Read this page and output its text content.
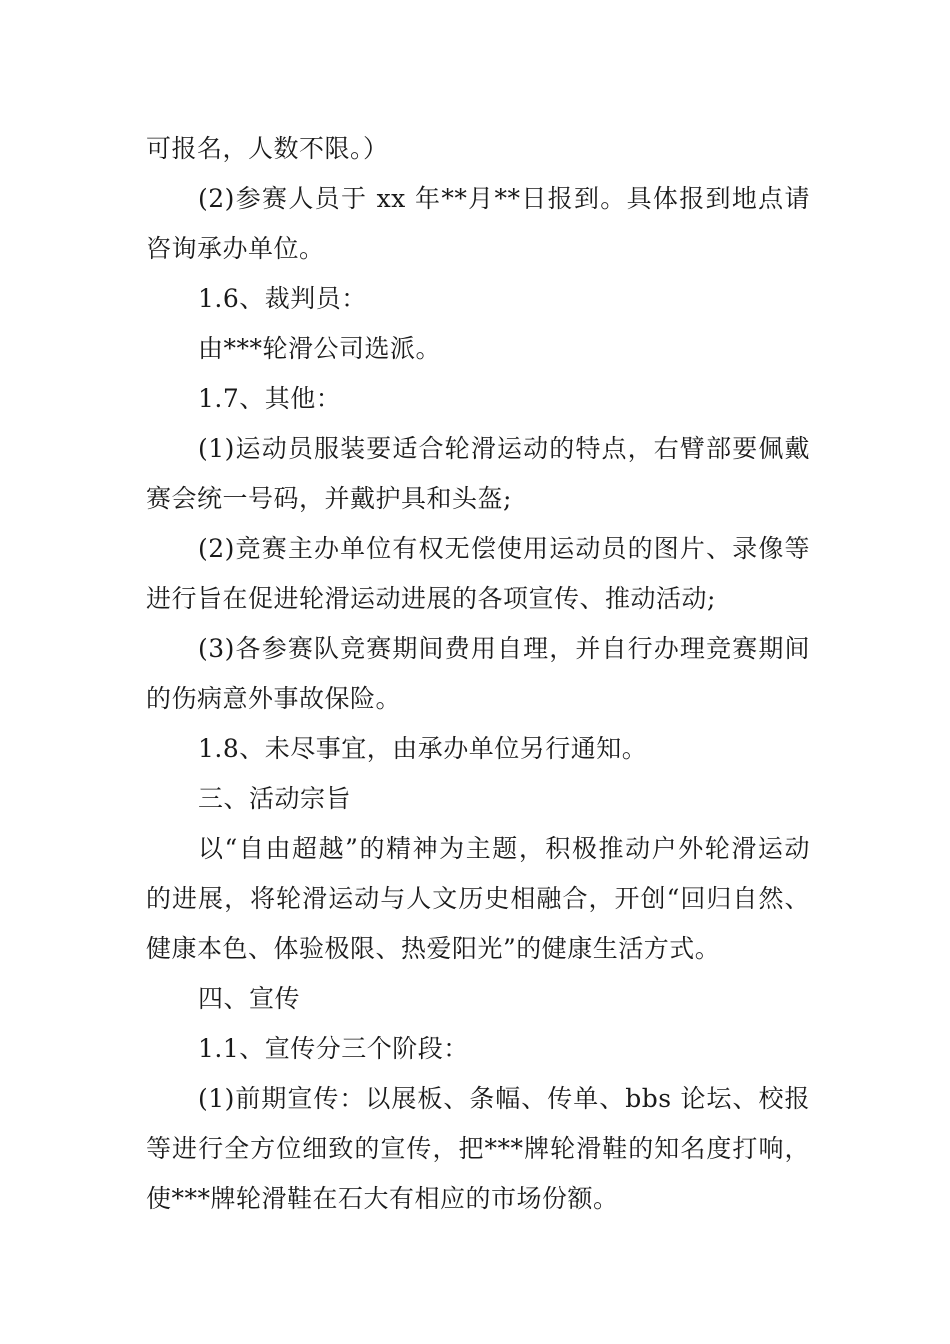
可报名，人数不限。）

(2)参赛人员于 xx 年**月**日报到。具体报到地点请咨询承办单位。

1.6、裁判员：

由***轮滑公司选派。

1.7、其他：

(1)运动员服装要适合轮滑运动的特点，右臂部要佩戴赛会统一号码，并戴护具和头盔;

(2)竞赛主办单位有权无偿使用运动员的图片、录像等进行旨在促进轮滑运动进展的各项宣传、推动活动;

(3)各参赛队竞赛期间费用自理，并自行办理竞赛期间的伤病意外事故保险。

1.8、未尽事宜，由承办单位另行通知。

三、活动宗旨

以“自由超越”的精神为主题，积极推动户外轮滑运动的进展，将轮滑运动与人文历史相融合，开创“回归自然、健康本色、体验极限、热爱阳光”的健康生活方式。

四、宣传

1.1、宣传分三个阶段：

(1)前期宣传：以展板、条幅、传单、bbs 论坛、校报等进行全方位细致的宣传，把***牌轮滑鞋的知名度打响，使***牌轮滑鞋在石大有相应的市场份额。
